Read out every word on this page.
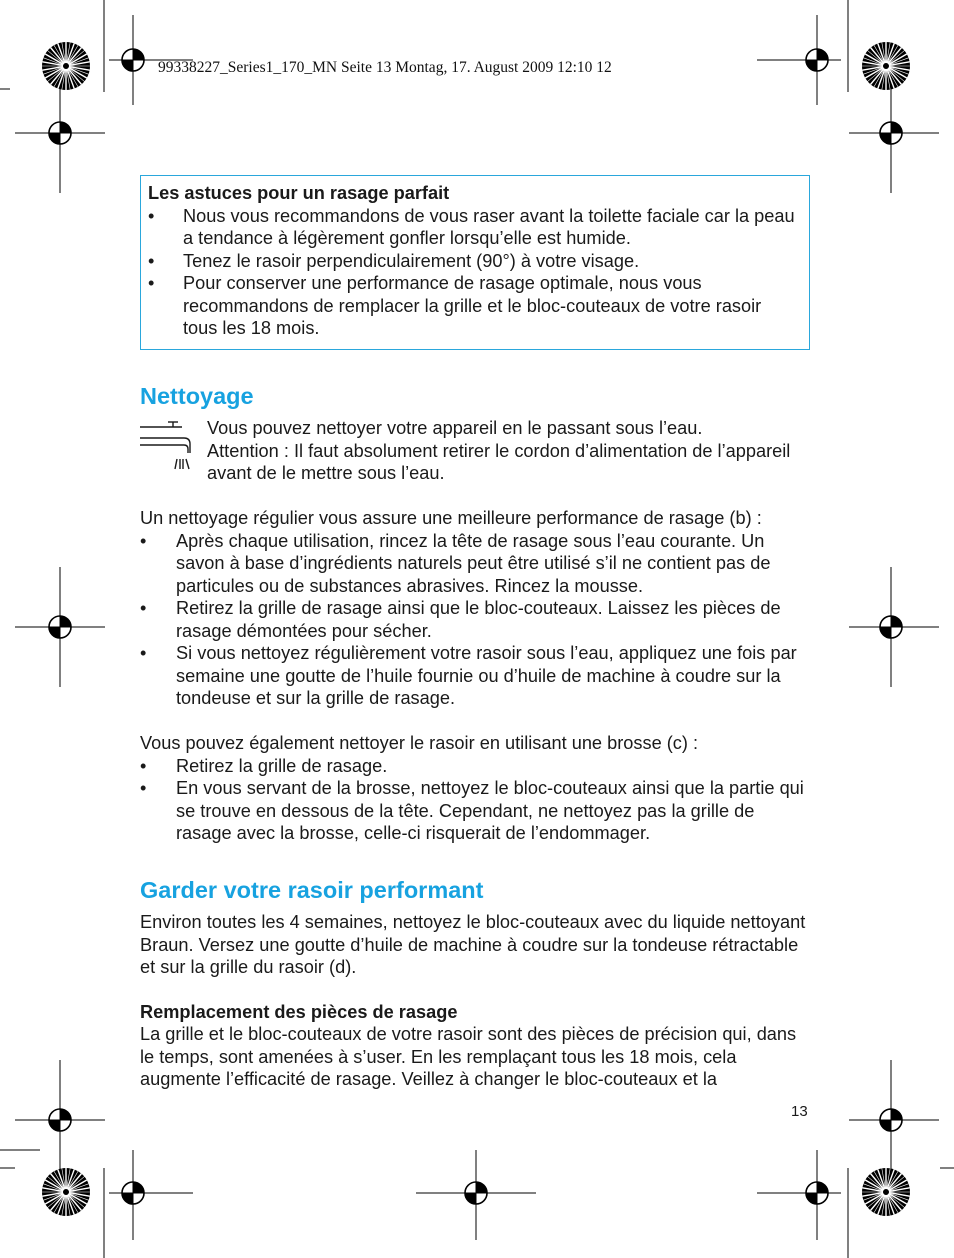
99338227_Series1_170_MN Seite 13 Montag, 17. August 2009 12:10 12
Les astuces pour un rasage parfait
• Nous vous recommandons de vous raser avant la toilette faciale car la peau a tendance à légèrement gonfler lorsqu’elle est humide.
• Tenez le rasoir perpendiculairement (90°) à votre visage.
• Pour conserver une performance de rasage optimale, nous vous recommandons de remplacer la grille et le bloc-couteaux de votre rasoir tous les 18 mois.
Nettoyage

Vous pouvez nettoyer votre appareil en le passant sous l’eau.

Attention : Il faut absolument retirer le cordon d’alimentation de l’appareil avant de le mettre sous l’eau.

Un nettoyage régulier vous assure une meilleure performance de rasage (b) :

• Après chaque utilisation, rincez la tête de rasage sous l’eau courante. Un savon à base d’ingrédients naturels peut être utilisé s’il ne contient pas de particules ou de substances abrasives. Rincez la mousse.
• Retirez la grille de rasage ainsi que le bloc-couteaux. Laissez les pièces de rasage démontées pour sécher.
• Si vous nettoyez régulièrement votre rasoir sous l’eau, appliquez une fois par semaine une goutte de l’huile fournie ou d’huile de machine à coudre sur la tondeuse et sur la grille de rasage.

Vous pouvez également nettoyer le rasoir en utilisant une brosse (c) :

• Retirez la grille de rasage.
• En vous servant de la brosse, nettoyez le bloc-couteaux ainsi que la partie qui se trouve en dessous de la tête. Cependant, ne nettoyez pas la grille de rasage avec la brosse, celle-ci risquerait de l’endommager.
Garder votre rasoir performant

Environ toutes les 4 semaines, nettoyez le bloc-couteaux avec du liquide nettoyant Braun. Versez une goutte d’huile de machine à coudre sur la tondeuse rétractable et sur la grille du rasoir (d).

Remplacement des pièces de rasage

La grille et le bloc-couteaux de votre rasoir sont des pièces de précision qui, dans le temps, sont amenées à s’user. En les remplaçant tous les 18 mois, cela augmente l’efficacité de rasage. Veillez à changer le bloc-couteaux et la

13
